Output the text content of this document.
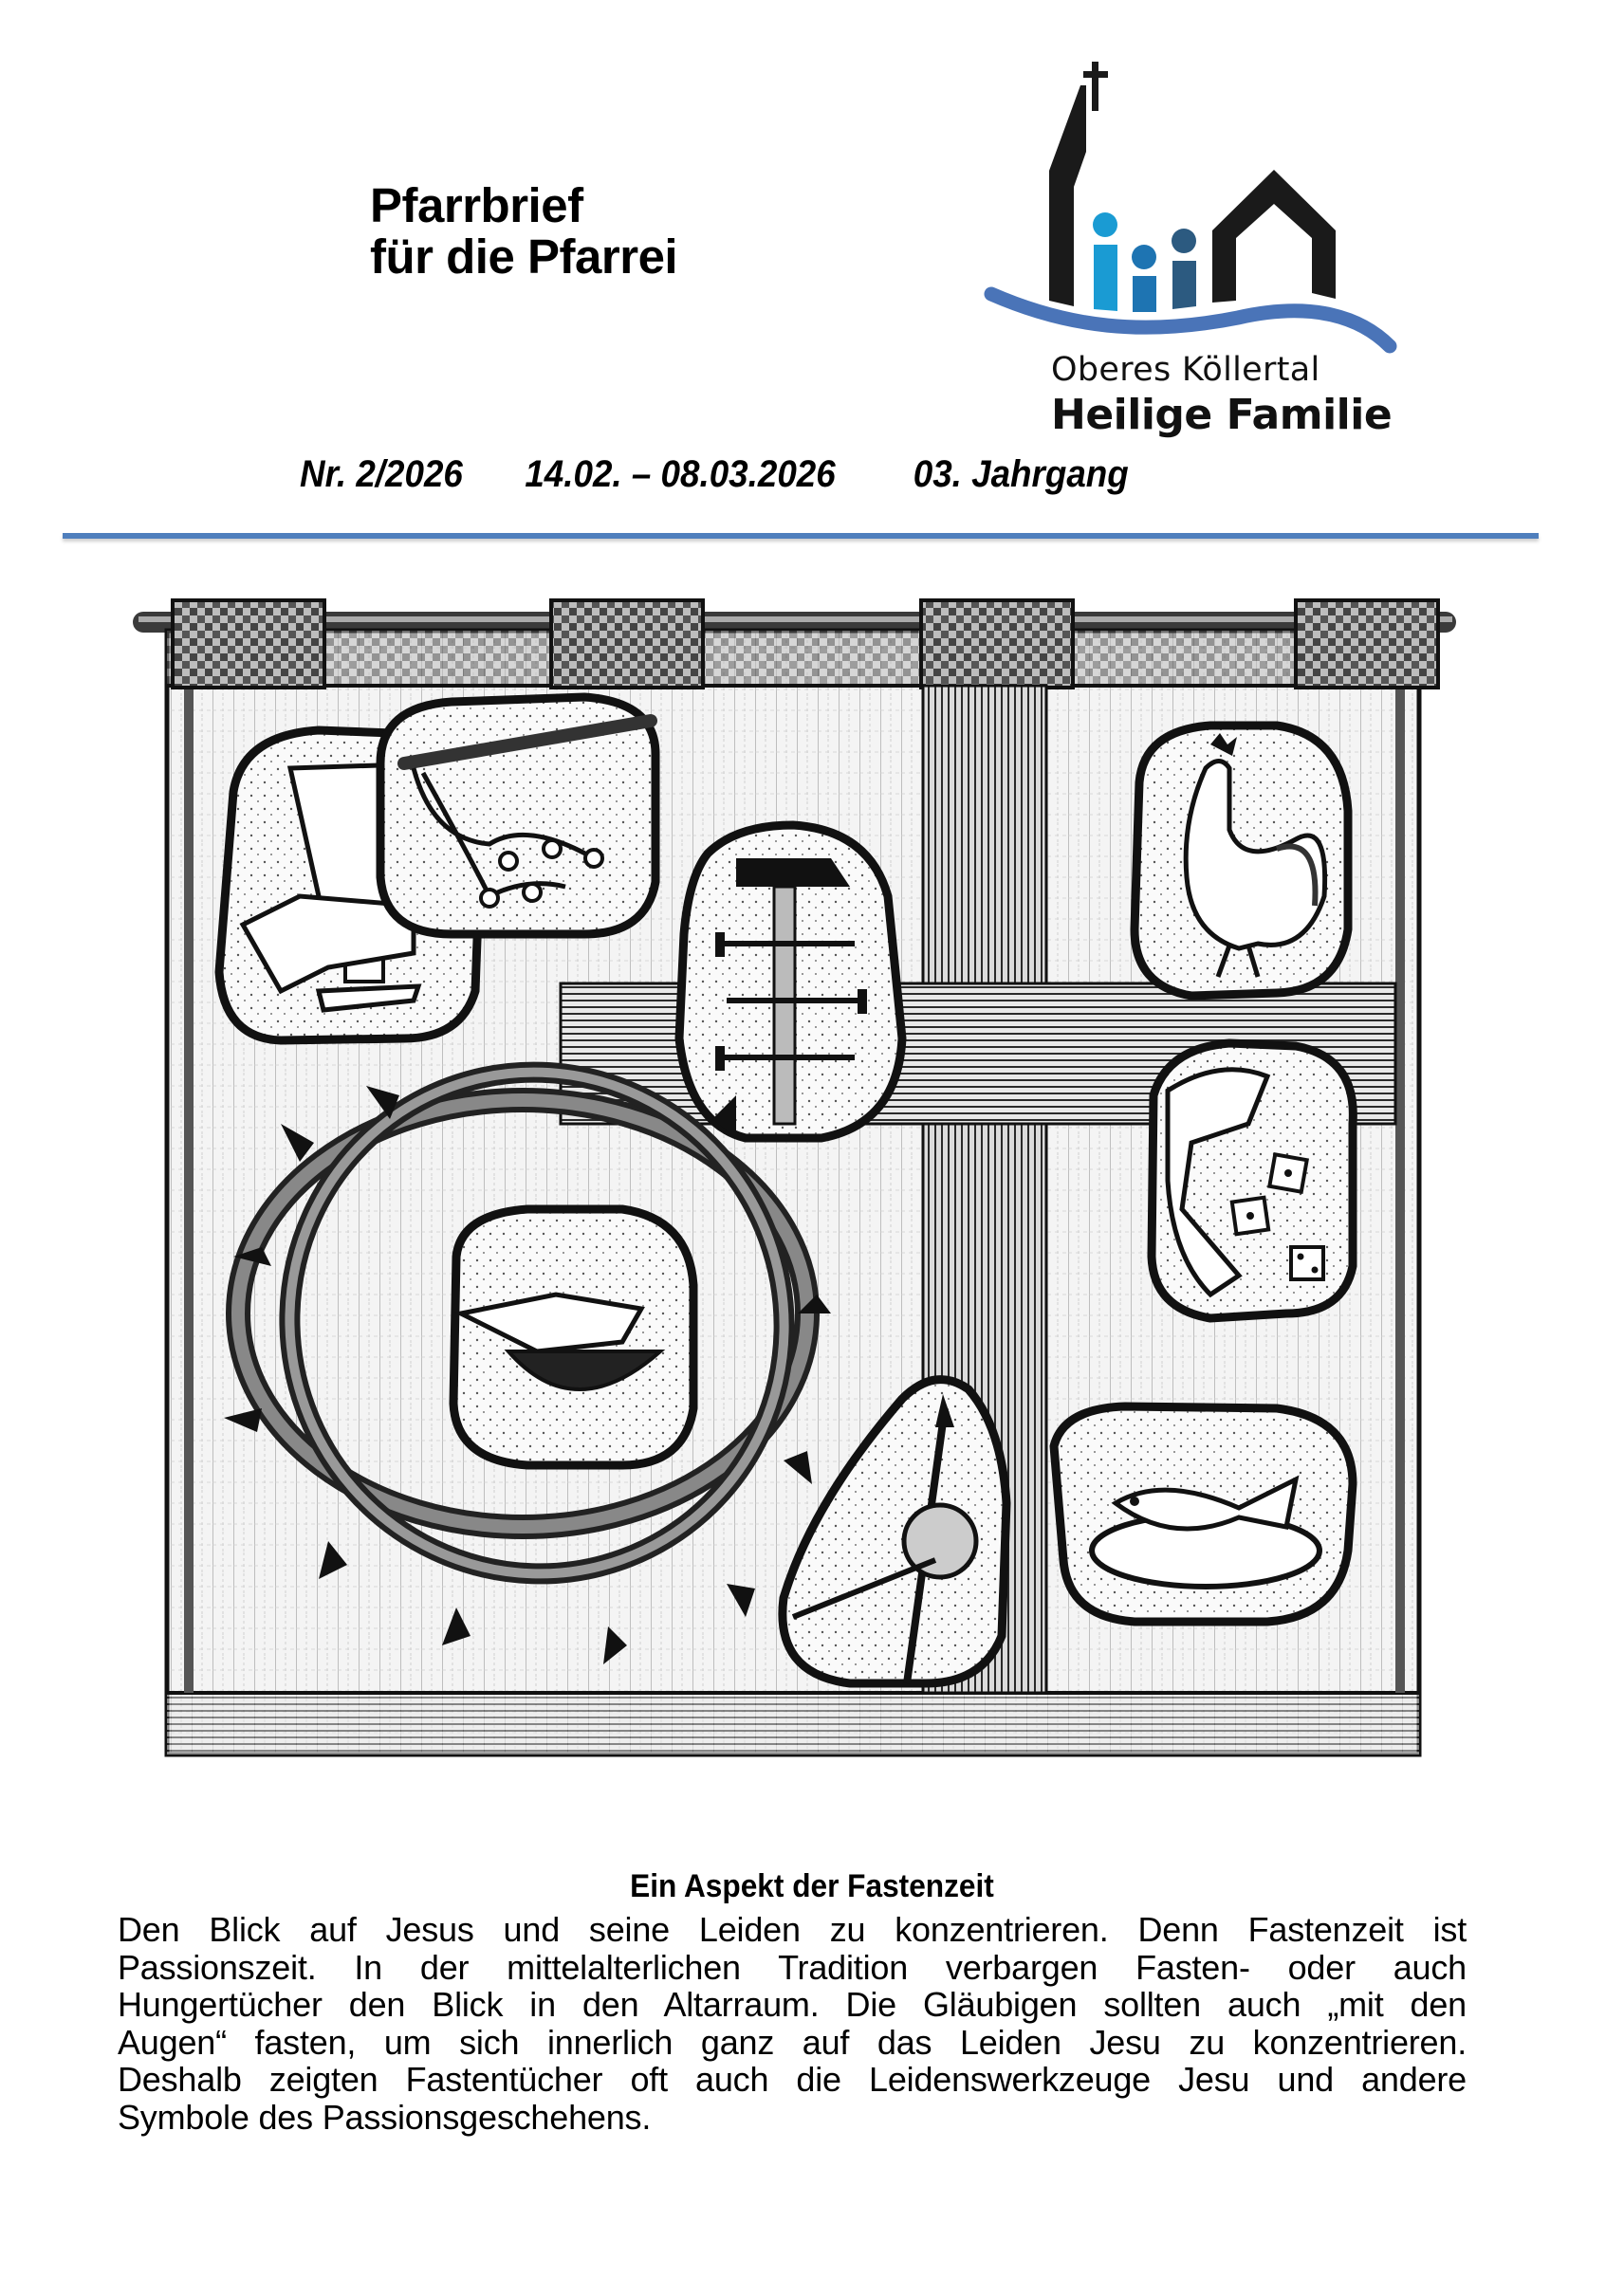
Pfarrbrief
für die Pfarrei
Oberes Köllertal
Heilige Familie
Nr. 2/2026 14.02. – 08.03.2026 03. Jahrgang
Ein Aspekt der Fastenzeit
Den Blick auf Jesus und seine Leiden zu konzentrieren. Denn Fastenzeit ist
Passionszeit. In der mittelalterlichen Tradition verbargen Fasten- oder auch
Hungertücher den Blick in den Altarraum. Die Gläubigen sollten auch „mit den
Augen“ fasten, um sich innerlich ganz auf das Leiden Jesu zu konzentrieren.
Deshalb zeigten Fastentücher oft auch die Leidenswerkzeuge Jesu und andere
Symbole des Passionsgeschehens.
